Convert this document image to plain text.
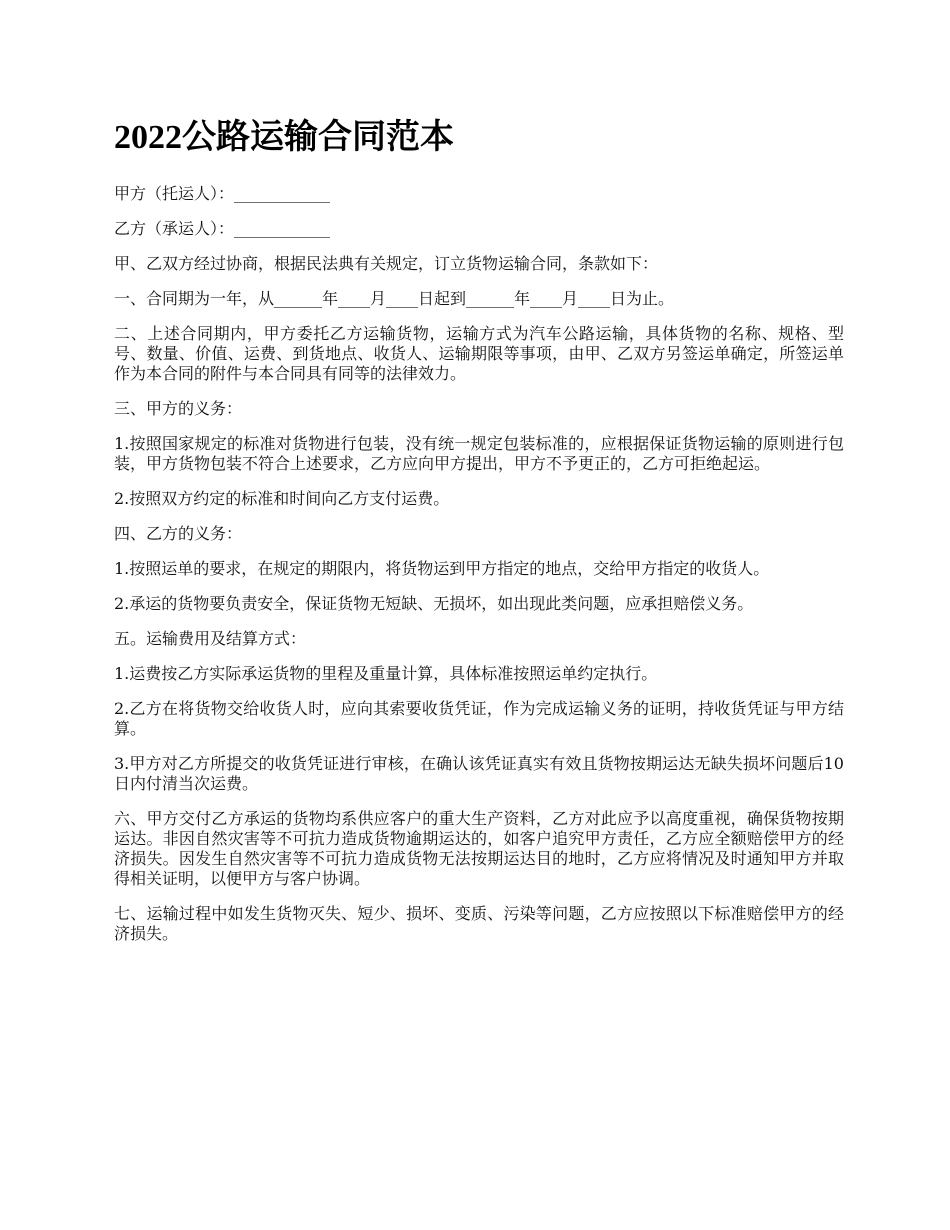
2022公路运输合同范本

甲方（托运人）：____________

乙方（承运人）：____________

甲、乙双方经过协商，根据民法典有关规定，订立货物运输合同，条款如下：

一、合同期为一年，从______年____月____日起到______年____月____日为止。

二、上述合同期内，甲方委托乙方运输货物，运输方式为汽车公路运输，具体货物的名称、规格、型号、数量、价值、运费、到货地点、收货人、运输期限等事项，由甲、乙双方另签运单确定，所签运单作为本合同的附件与本合同具有同等的法律效力。

三、甲方的义务：

1.按照国家规定的标准对货物进行包装，没有统一规定包装标准的，应根据保证货物运输的原则进行包装，甲方货物包装不符合上述要求，乙方应向甲方提出，甲方不予更正的，乙方可拒绝起运。

2.按照双方约定的标准和时间向乙方支付运费。

四、乙方的义务：

1.按照运单的要求，在规定的期限内，将货物运到甲方指定的地点，交给甲方指定的收货人。

2.承运的货物要负责安全，保证货物无短缺、无损坏，如出现此类问题，应承担赔偿义务。

五。运输费用及结算方式：

1.运费按乙方实际承运货物的里程及重量计算，具体标准按照运单约定执行。

2.乙方在将货物交给收货人时，应向其索要收货凭证，作为完成运输义务的证明，持收货凭证与甲方结算。

3.甲方对乙方所提交的收货凭证进行审核，在确认该凭证真实有效且货物按期运达无缺失损坏问题后10日内付清当次运费。

六、甲方交付乙方承运的货物均系供应客户的重大生产资料，乙方对此应予以高度重视，确保货物按期运达。非因自然灾害等不可抗力造成货物逾期运达的，如客户追究甲方责任，乙方应全额赔偿甲方的经济损失。因发生自然灾害等不可抗力造成货物无法按期运达目的地时，乙方应将情况及时通知甲方并取得相关证明，以便甲方与客户协调。

七、运输过程中如发生货物灭失、短少、损坏、变质、污染等问题，乙方应按照以下标准赔偿甲方的经济损失。
